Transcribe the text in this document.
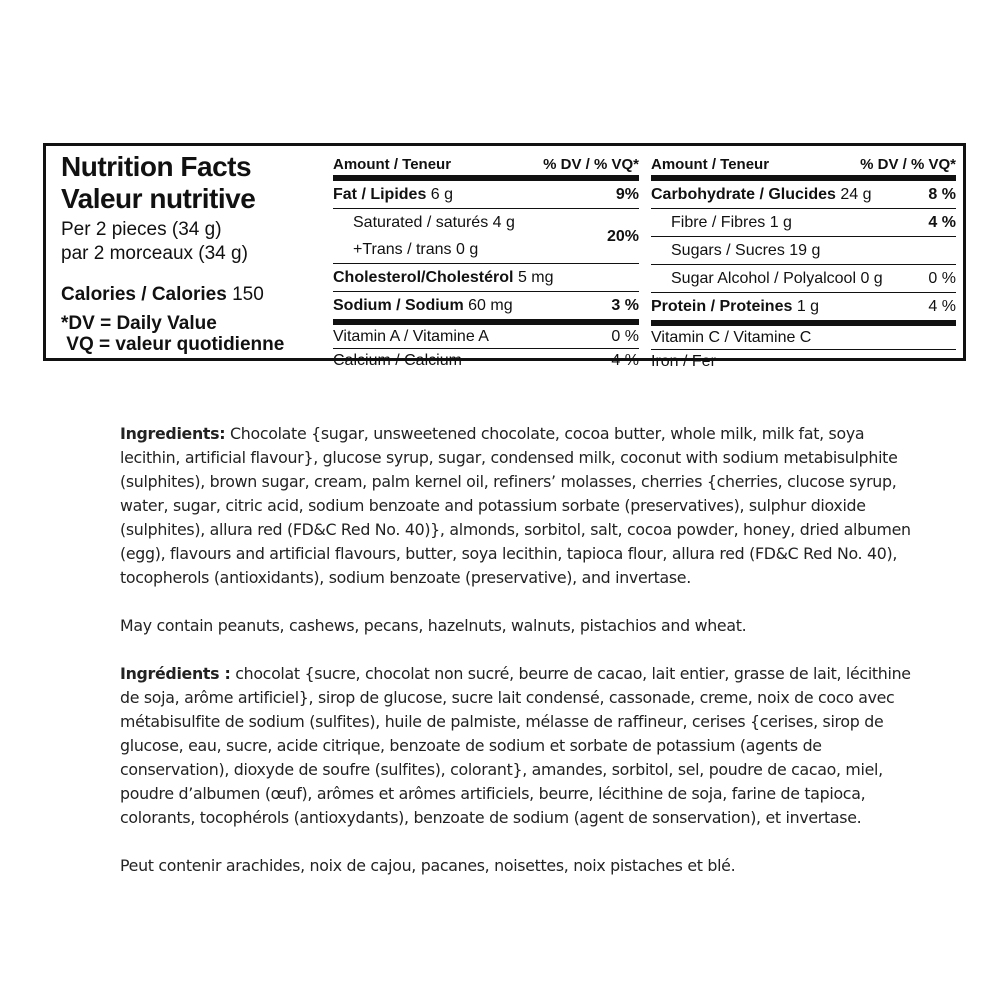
Nutrition Facts
Valeur nutritive
Per 2 pieces (34 g)
par 2 morceaux (34 g)
Calories / Calories 150
*DV = Daily Value
VQ = valeur quotidienne
Amount / Teneur	% DV / % VQ*
Fat / Lipides 6 g	9%
Saturated / saturés 4 g
+Trans / trans 0 g
20%
Cholesterol/Cholestérol 5 mg
Sodium / Sodium 60 mg	3 %
Vitamin A / Vitamine A	0 %
Calcium / Calcium	4 %
Amount / Teneur	% DV / % VQ*
Carbohydrate / Glucides 24 g	8 %
Fibre / Fibres 1 g	4 %
Sugars / Sucres 19 g
Sugar Alcohol / Polyalcool 0 g	0 %
Protein / Proteines 1 g	4 %
Vitamin C / Vitamine C
Iron / Fer

Ingredients: Chocolate {sugar, unsweetened chocolate, cocoa butter, whole milk, milk fat, soya lecithin, artificial flavour}, glucose syrup, sugar, condensed milk, coconut with sodium metabisulphite (sulphites), brown sugar, cream, palm kernel oil, refiners’ molasses, cherries {cherries, clucose syrup, water, sugar, citric acid, sodium benzoate and potassium sorbate (preservatives), sulphur dioxide (sulphites), allura red (FD&C Red No. 40)}, almonds, sorbitol, salt, cocoa powder, honey, dried albumen (egg), flavours and artificial flavours, butter, soya lecithin, tapioca flour, allura red (FD&C Red No. 40), tocopherols (antioxidants), sodium benzoate (preservative), and invertase.

May contain peanuts, cashews, pecans, hazelnuts, walnuts, pistachios and wheat.

Ingrédients : chocolat {sucre, chocolat non sucré, beurre de cacao, lait entier, grasse de lait, lécithine de soja, arôme artificiel}, sirop de glucose, sucre lait condensé, cassonade, creme, noix de coco avec métabisulfite de sodium (sulfites), huile de palmiste, mélasse de raffineur, cerises {cerises, sirop de glucose, eau, sucre, acide citrique, benzoate de sodium et sorbate de potassium (agents de conservation), dioxyde de soufre (sulfites), colorant}, amandes, sorbitol, sel, poudre de cacao, miel, poudre d’albumen (œuf), arômes et arômes artificiels, beurre, lécithine de soja, farine de tapioca, colorants, tocophérols (antioxydants), benzoate de sodium (agent de sonservation), et invertase.

Peut contenir arachides, noix de cajou, pacanes, noisettes, noix pistaches et blé.
